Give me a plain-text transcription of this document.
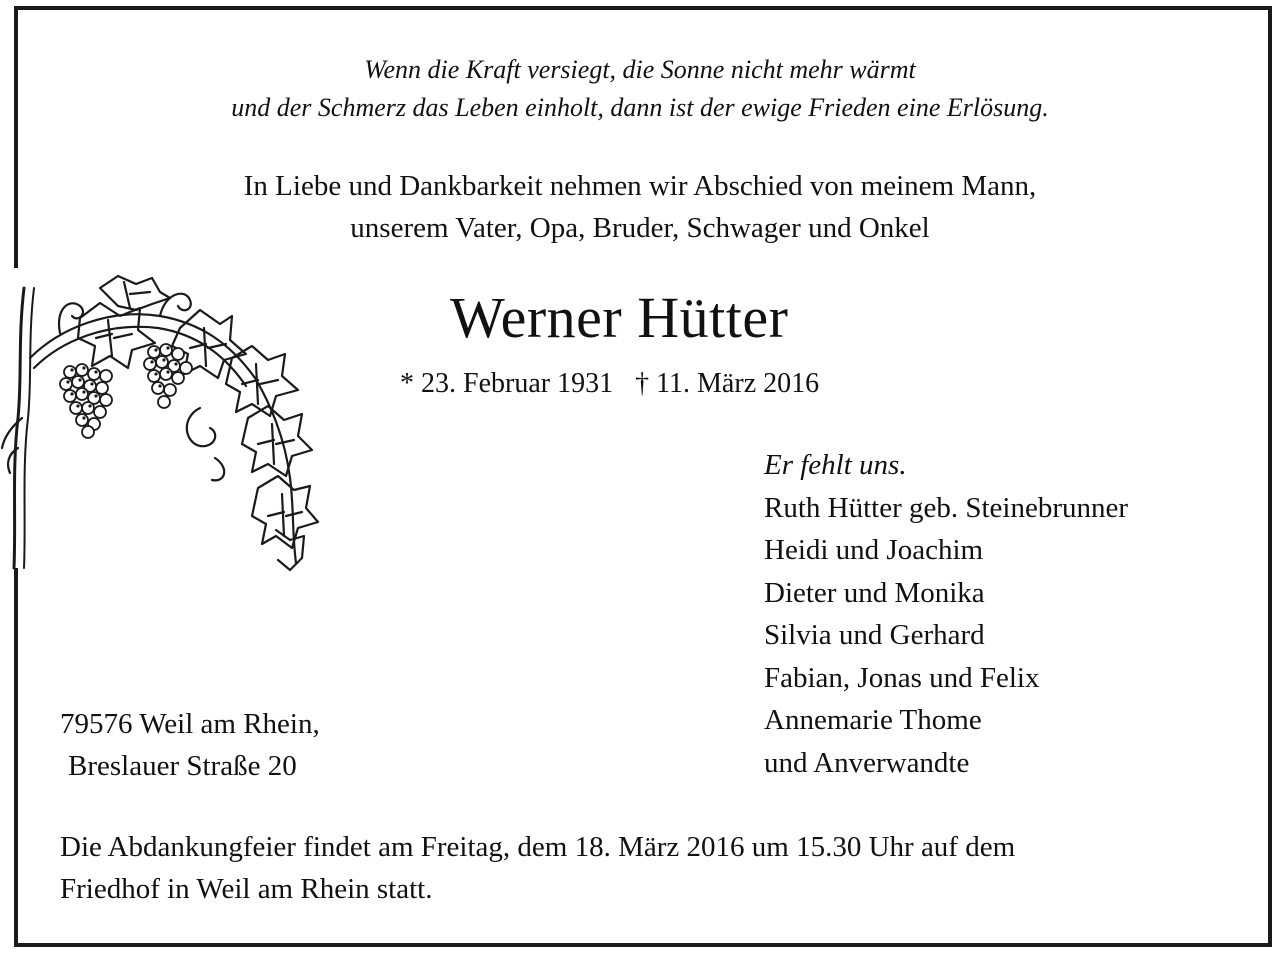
Wenn die Kraft versiegt, die Sonne nicht mehr wärmt
und der Schmerz das Leben einholt, dann ist der ewige Frieden eine Erlösung.
In Liebe und Dankbarkeit nehmen wir Abschied von meinem Mann,
unserem Vater, Opa, Bruder, Schwager und Onkel
Werner Hütter
* 23. Februar 1931 † 11. März 2016
Er fehlt uns.
Ruth Hütter geb. Steinebrunner
Heidi und Joachim
Dieter und Monika
Silvia und Gerhard
Fabian, Jonas und Felix
Annemarie Thome
und Anverwandte
79576 Weil am Rhein,
Breslauer Straße 20
Die Abdankungfeier findet am Freitag, dem 18. März 2016 um 15.30 Uhr auf dem
Friedhof in Weil am Rhein statt.
